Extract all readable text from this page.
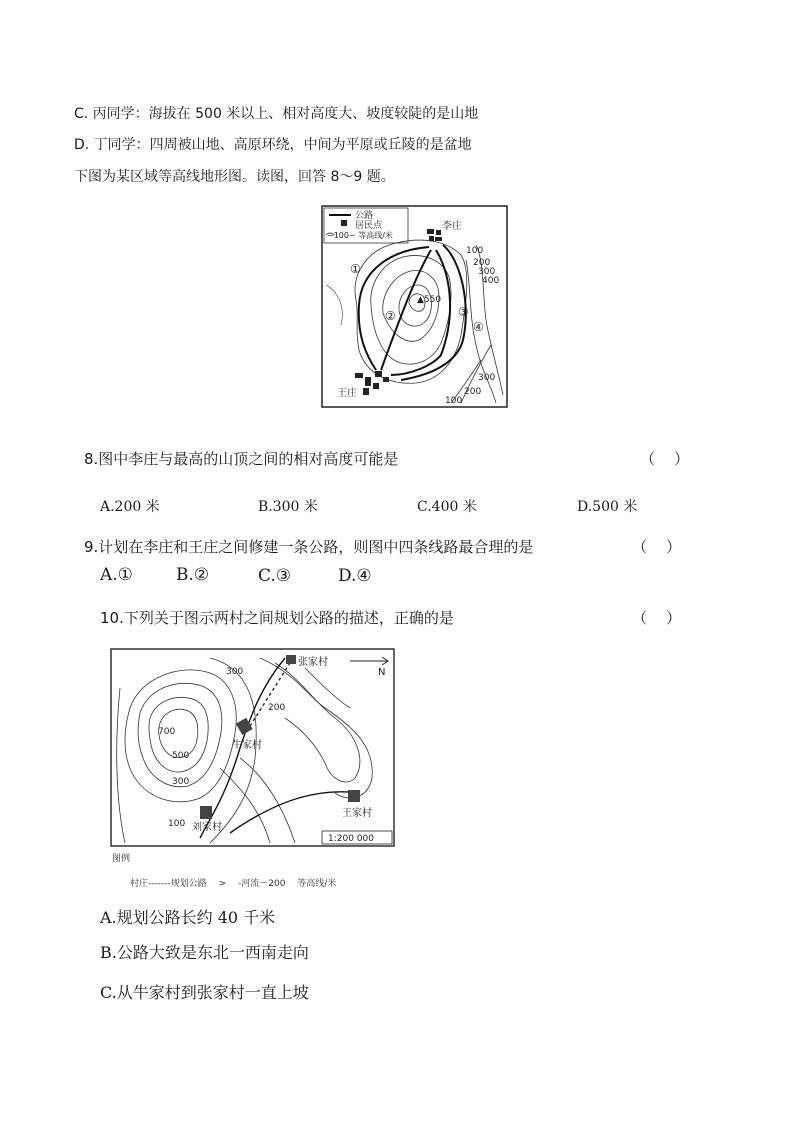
C. 丙同学：海拔在 500 米以上、相对高度大、坡度较陡的是山地
D. 丁同学：四周被山地、高原环绕，中间为平原或丘陵的是盆地
下图为某区域等高线地形图。读图，回答 8～9 题。
公路
居民点
~100~ 等高线/米
李庄
王庄
▲550
100
200
300
400
300
200
100
①
②	③
④
8.图中李庄与最高的山顶之间的相对高度可能是	（    ）
A.200 米	B.300 米	C.400 米	D.500 米
9.计划在李庄和王庄之间修建一条公路，则图中四条线路最合理的是	（    ）
A.①	B.②	C.③	D.④
10.下列关于图示两村之间规划公路的描述，正确的是	（    ）
N
张家村
牛家村
王家村
刘家村
300
200
700
500
300
100
1:200 000
图例
村庄-------规划公路　 >　 -河流－200　 等高线/米
A.规划公路长约 40 千米
B.公路大致是东北一西南走向
C.从牛家村到张家村一直上坡
